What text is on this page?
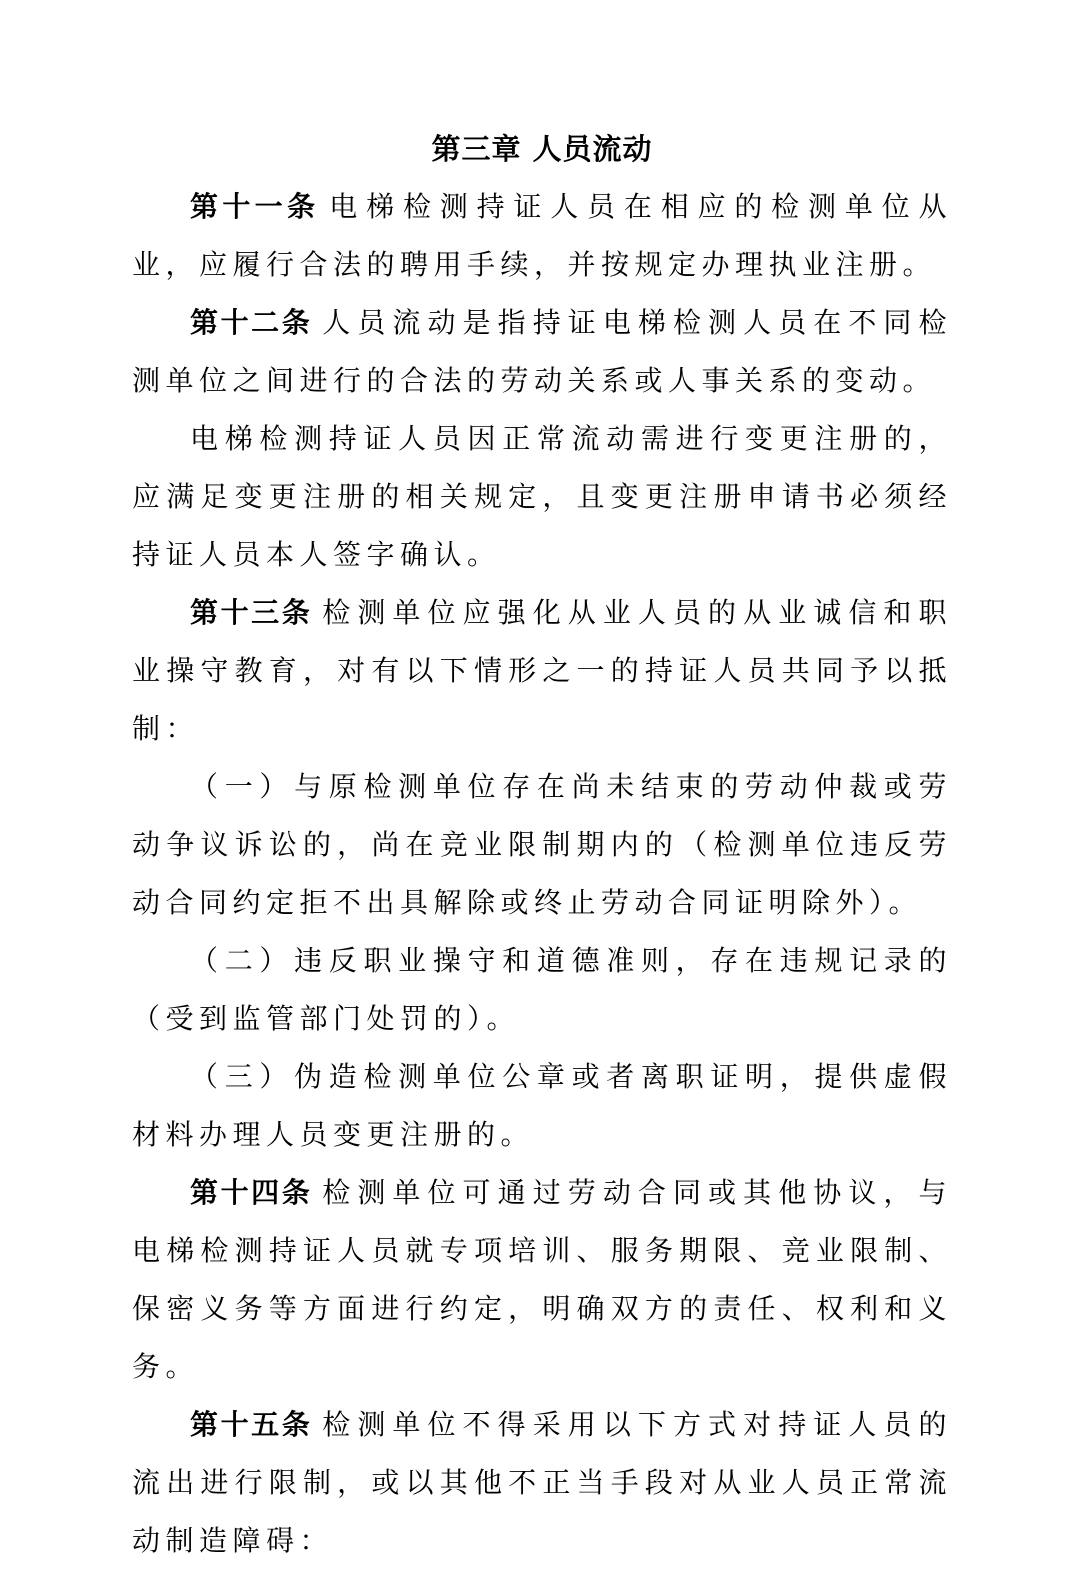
第三章 人员流动

第十一条 电梯检测持证人员在相应的检测单位从业，应履行合法的聘用手续，并按规定办理执业注册。

第十二条 人员流动是指持证电梯检测人员在不同检测单位之间进行的合法的劳动关系或人事关系的变动。

电梯检测持证人员因正常流动需进行变更注册的，应满足变更注册的相关规定，且变更注册申请书必须经持证人员本人签字确认。

第十三条 检测单位应强化从业人员的从业诚信和职业操守教育，对有以下情形之一的持证人员共同予以抵制：

（一）与原检测单位存在尚未结束的劳动仲裁或劳动争议诉讼的，尚在竞业限制期内的（检测单位违反劳动合同约定拒不出具解除或终止劳动合同证明除外）。

（二）违反职业操守和道德准则，存在违规记录的（受到监管部门处罚的）。

（三）伪造检测单位公章或者离职证明，提供虚假材料办理人员变更注册的。

第十四条 检测单位可通过劳动合同或其他协议，与电梯检测持证人员就专项培训、服务期限、竞业限制、保密义务等方面进行约定，明确双方的责任、权利和义务。

第十五条 检测单位不得采用以下方式对持证人员的流出进行限制，或以其他不正当手段对从业人员正常流动制造障碍：
